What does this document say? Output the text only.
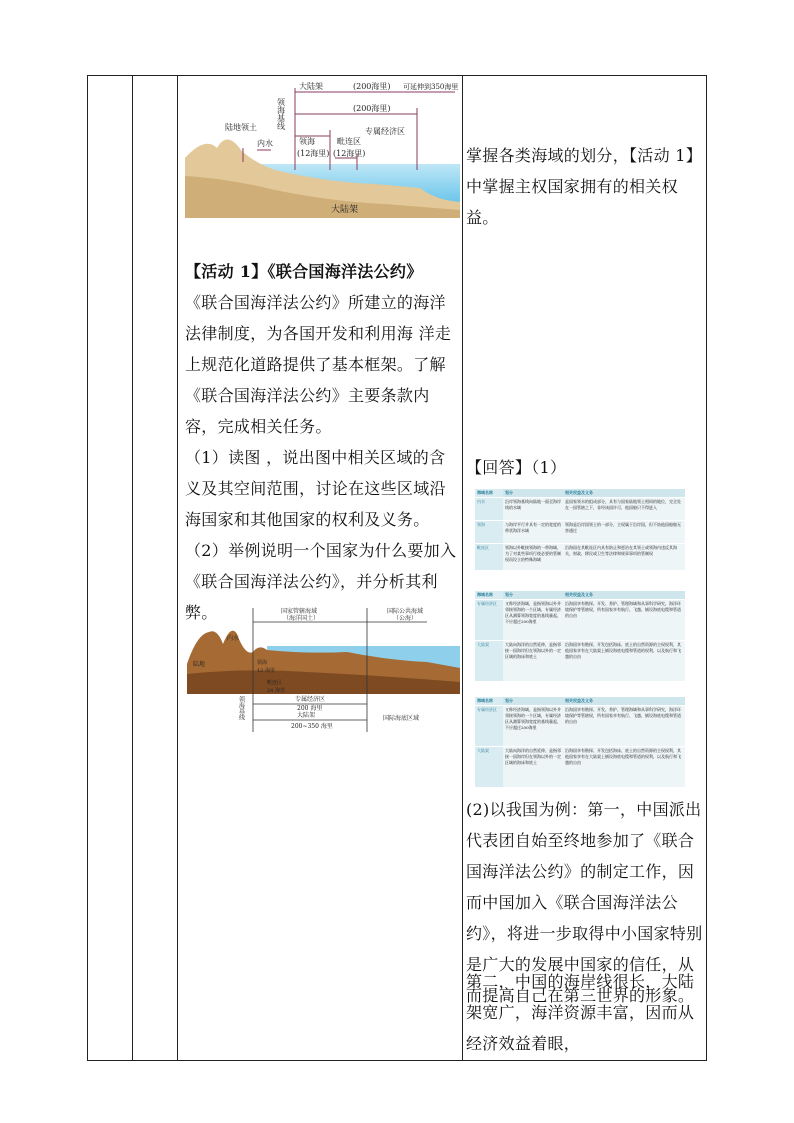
大陆架	(200海里) 可延伸到350海里
(200海里)
领海基线
陆地领土
内水	领海
(12海里)
专属经济区
毗连区
(12海里)
大陆架

【活动 1】《联合国海洋法公约》

《联合国海洋法公约》所建立的海洋法律制度，为各国开发和利用海 洋走上规范化道路提供了基本框架。了解《联合国海洋法公约》主要条款内容，完成相关任务。

（1）读图 ，说出图中相关区域的含义及其空间范围，讨论在这些区域沿海国家和其他国家的权利及义务。

（2）举例说明一个国家为什么要加入《联合国海洋法公约》，并分析其利弊。	国家管辖海域
（海洋国土）
国际公共海域
（公海）
内水
陆地	领海
12 海里
毗连区
24 海里
领海基线	专属经济区
200 海里
大陆架
200~350 海里
国际海底区域

掌握各类海域的划分，【活动 1】中掌握主权国家拥有的相关权益。

【回答】（1）

海域名称	划分	相关权益及义务
内水	沿岸领海基线向陆地一面至海岸线的水域
是国家领水的组成部分，具有与国家陆地领土相同的地位，完全处在一国管辖之下，非经该国许可，他国船只不得进入
领海	与海岸平行并具有一定的宽度的带状海洋水域
领海是沿岸国领土的一部分，主权属于沿岸国，但不妨他国船舶无害通过
毗连区	领海以外毗接领海的一带海域，为了对某些事项行使必要的管制权而设立的特殊海域
沿海国在其毗连区内具有防止和惩治在其领土或领海内违反其海关、财政、移民或卫生等法律和规章事项的管制权
海域名称	划分	相关权益及义务
专属经济区	又称经济海域，是指领海以外并邻接领海的一个区域，专属经济区从测算领海宽度的基线量起，不应超过200海里
沿海国享有勘探、开发、养护、管理海域和从事科学研究，海洋环境保护等管辖权，所有国家享有航行、飞越、铺设海底电缆和管道的自由
大陆架	大陆向海洋的自然延伸，是指邻接一国海岸但在领海以外的一定区域的海床和底土
沿海国享有勘探、开发包括海床、底土的自然资源的主权权利，其他国家享有在大陆架上铺设海底电缆和管道的权利，以及航行和飞越的自由
海域名称	划分	相关权益及义务
专属经济区	又称经济海域，是指领海以外并邻接领海的一个区域，专属经济区从测算领海宽度的基线量起，不应超过200海里
沿海国享有勘探、开发、养护、管理海域和从事科学研究，海洋环境保护等管辖权，所有国家享有航行、飞越、铺设海底电缆和管道的自由
大陆架	大陆向海洋的自然延伸，是指邻接一国海岸但在领海以外的一定区域的海床和底土
沿海国享有勘探、开发包括海床、底土的自然资源的主权权利，其他国家享有在大陆架上铺设海底电缆和管道的权利，以及航行和飞越的自由

(2)以我国为例：第一，中国派出代表团自始至终地参加了《联合国海洋法公约》的制定工作，因而中国加入《联合国海洋法公约》，将进一步取得中小国家特别是广大的发展中国家的信任，从而提高自己在第三世界的形象。

第二，中国的海岸线很长，大陆架宽广，海洋资源丰富，因而从经济效益着眼，
